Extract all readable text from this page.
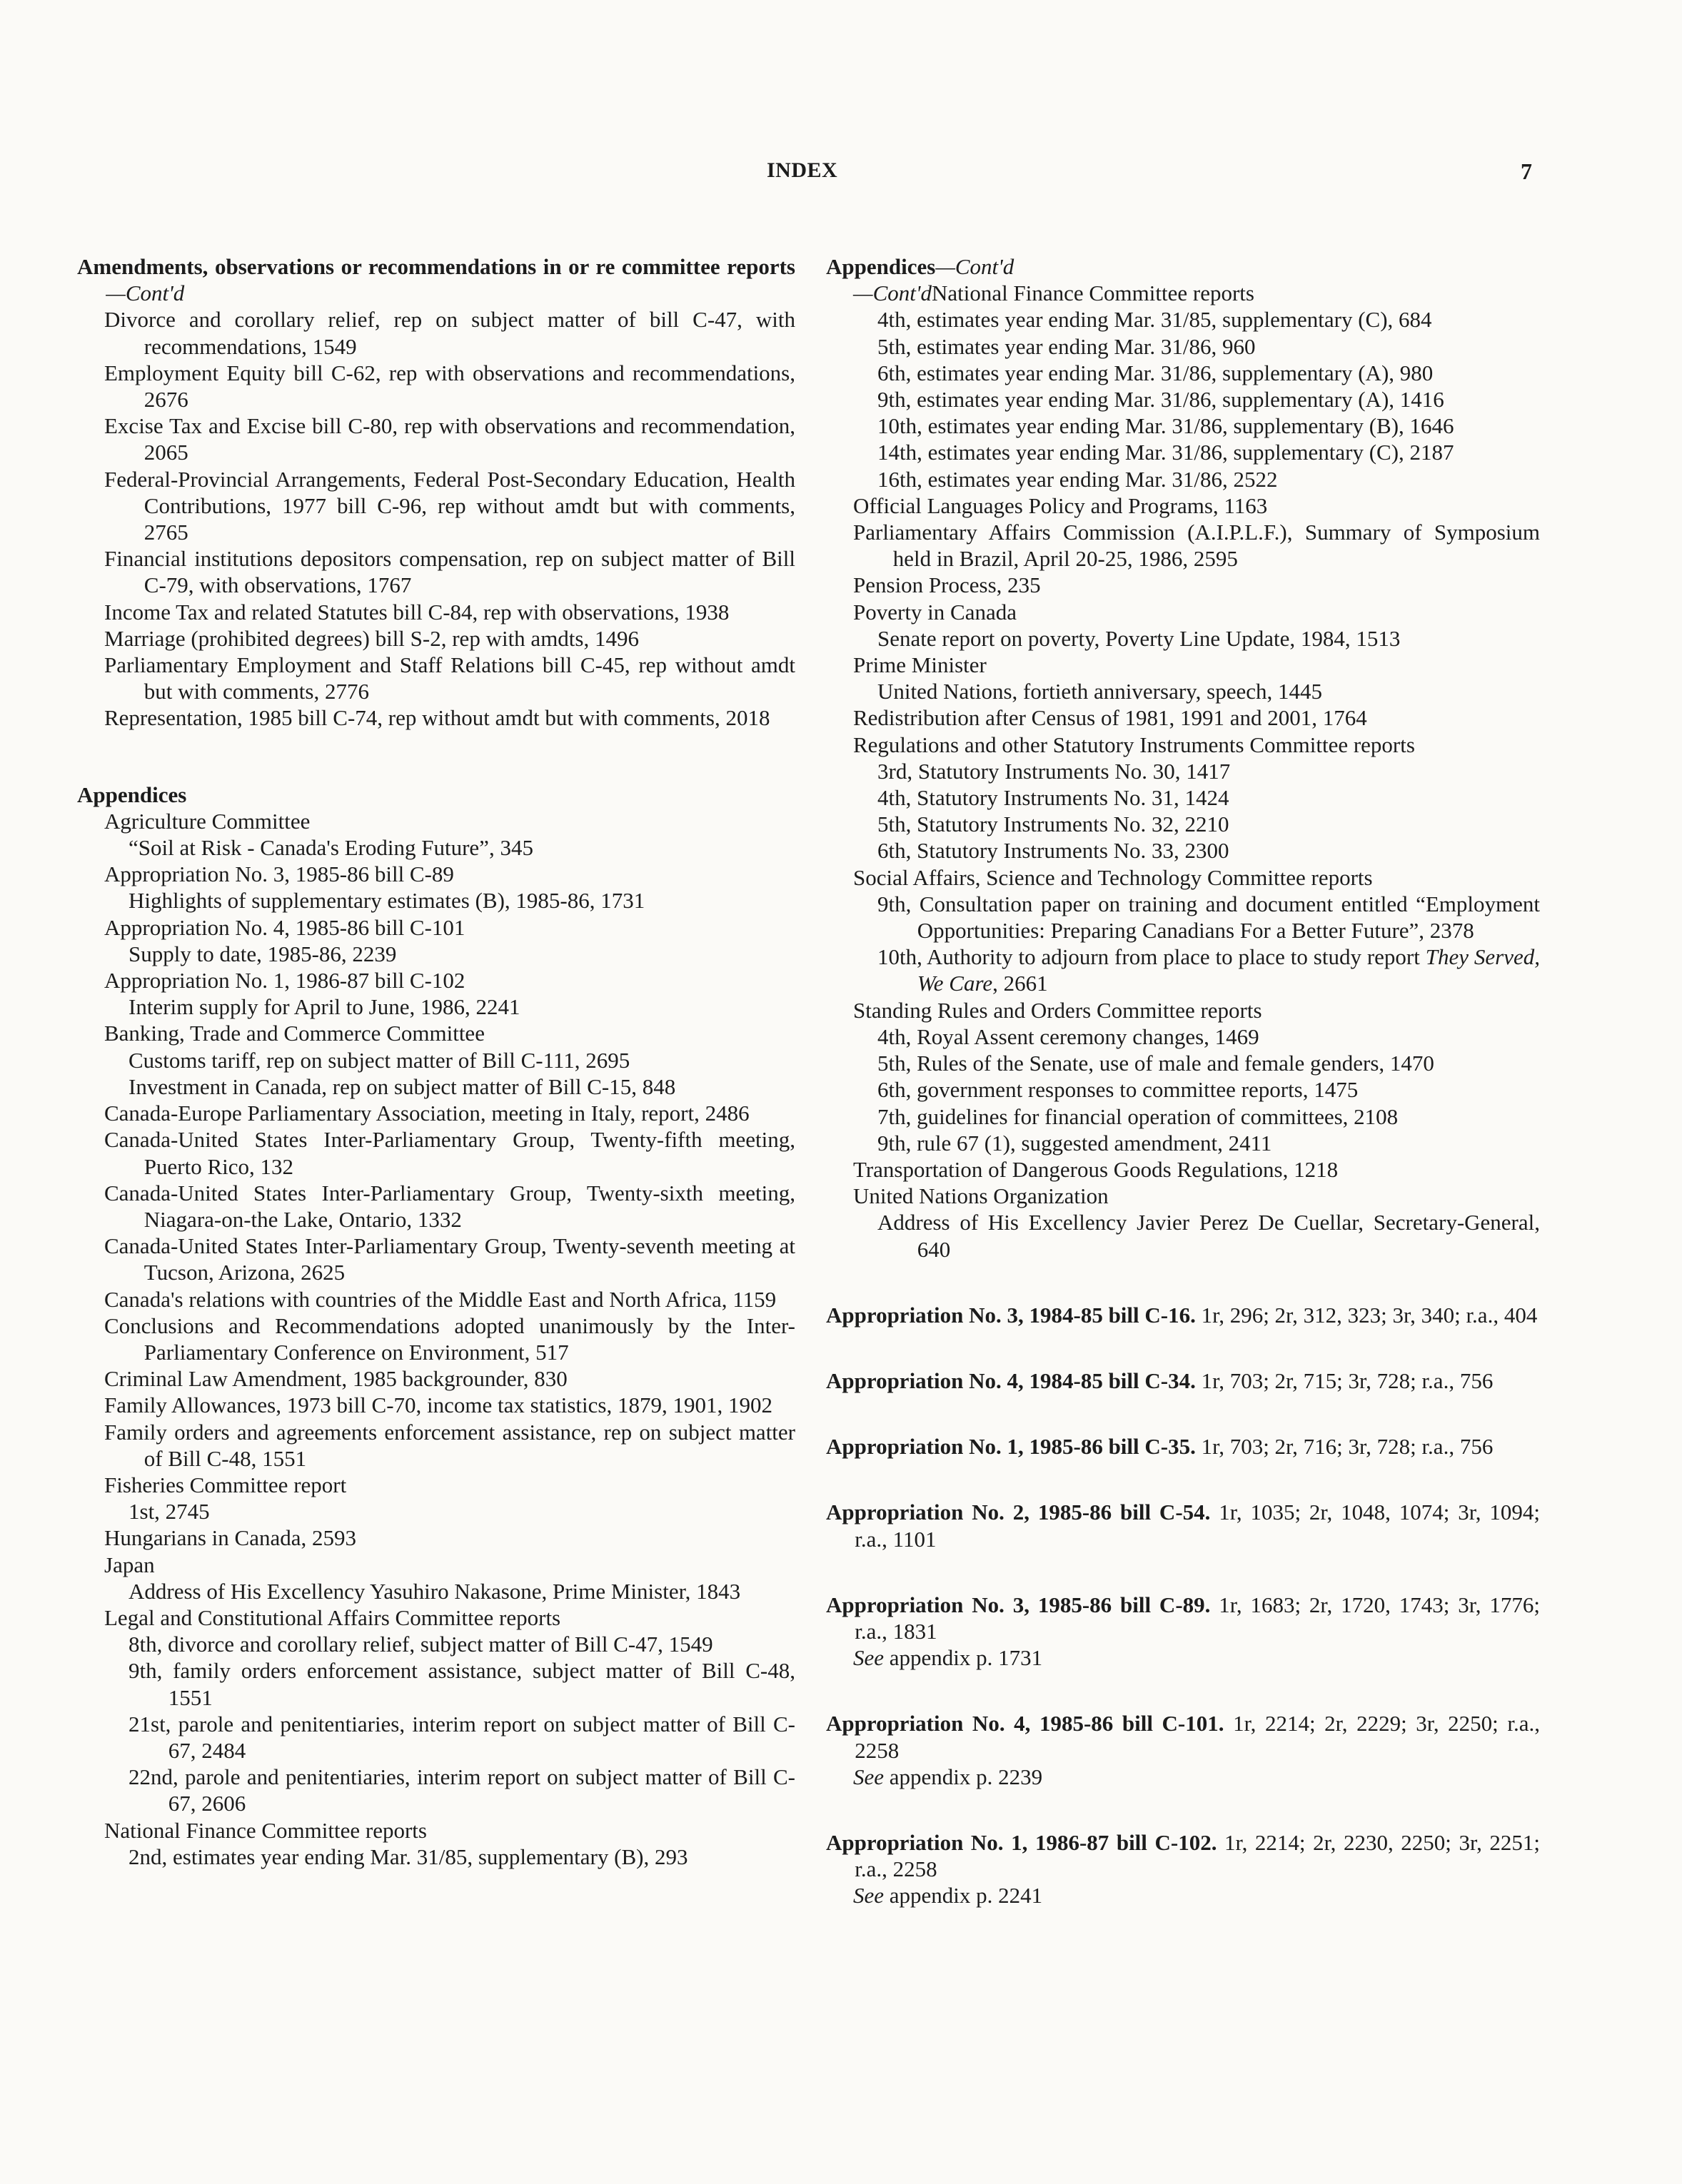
INDEX	7

Amendments, observations or recommendations in or re committee reports—Cont'd

Divorce and corollary relief, rep on subject matter of bill C-47, with recommendations, 1549

Employment Equity bill C-62, rep with observations and recommendations, 2676

Excise Tax and Excise bill C-80, rep with observations and recommendation, 2065

Federal-Provincial Arrangements, Federal Post-Secondary Education, Health Contributions, 1977 bill C-96, rep without amdt but with comments, 2765

Financial institutions depositors compensation, rep on subject matter of Bill C-79, with observations, 1767

Income Tax and related Statutes bill C-84, rep with observations, 1938

Marriage (prohibited degrees) bill S-2, rep with amdts, 1496

Parliamentary Employment and Staff Relations bill C-45, rep without amdt but with comments, 2776

Representation, 1985 bill C-74, rep without amdt but with comments, 2018

Appendices

Agriculture Committee

“Soil at Risk - Canada's Eroding Future”, 345

Appropriation No. 3, 1985-86 bill C-89

Highlights of supplementary estimates (B), 1985-86, 1731

Appropriation No. 4, 1985-86 bill C-101

Supply to date, 1985-86, 2239

Appropriation No. 1, 1986-87 bill C-102

Interim supply for April to June, 1986, 2241

Banking, Trade and Commerce Committee

Customs tariff, rep on subject matter of Bill C-111, 2695

Investment in Canada, rep on subject matter of Bill C-15, 848

Canada-Europe Parliamentary Association, meeting in Italy, report, 2486

Canada-United States Inter-Parliamentary Group, Twenty-fifth meeting, Puerto Rico, 132

Canada-United States Inter-Parliamentary Group, Twenty-sixth meeting, Niagara-on-the Lake, Ontario, 1332

Canada-United States Inter-Parliamentary Group, Twenty-seventh meeting at Tucson, Arizona, 2625

Canada's relations with countries of the Middle East and North Africa, 1159

Conclusions and Recommendations adopted unanimously by the Inter-Parliamentary Conference on Environment, 517

Criminal Law Amendment, 1985 backgrounder, 830

Family Allowances, 1973 bill C-70, income tax statistics, 1879, 1901, 1902

Family orders and agreements enforcement assistance, rep on subject matter of Bill C-48, 1551

Fisheries Committee report

1st, 2745

Hungarians in Canada, 2593

Japan

Address of His Excellency Yasuhiro Nakasone, Prime Minister, 1843

Legal and Constitutional Affairs Committee reports

8th, divorce and corollary relief, subject matter of Bill C-47, 1549

9th, family orders enforcement assistance, subject matter of Bill C-48, 1551

21st, parole and penitentiaries, interim report on subject matter of Bill C-67, 2484

22nd, parole and penitentiaries, interim report on subject matter of Bill C-67, 2606

National Finance Committee reports

2nd, estimates year ending Mar. 31/85, supplementary (B), 293

Appendices—Cont'd

—Cont'dNational Finance Committee reports

4th, estimates year ending Mar. 31/85, supplementary (C), 684

5th, estimates year ending Mar. 31/86, 960

6th, estimates year ending Mar. 31/86, supplementary (A), 980

9th, estimates year ending Mar. 31/86, supplementary (A), 1416

10th, estimates year ending Mar. 31/86, supplementary (B), 1646

14th, estimates year ending Mar. 31/86, supplementary (C), 2187

16th, estimates year ending Mar. 31/86, 2522

Official Languages Policy and Programs, 1163

Parliamentary Affairs Commission (A.I.P.L.F.), Summary of Symposium held in Brazil, April 20-25, 1986, 2595

Pension Process, 235

Poverty in Canada

Senate report on poverty, Poverty Line Update, 1984, 1513

Prime Minister

United Nations, fortieth anniversary, speech, 1445

Redistribution after Census of 1981, 1991 and 2001, 1764

Regulations and other Statutory Instruments Committee reports

3rd, Statutory Instruments No. 30, 1417

4th, Statutory Instruments No. 31, 1424

5th, Statutory Instruments No. 32, 2210

6th, Statutory Instruments No. 33, 2300

Social Affairs, Science and Technology Committee reports

9th, Consultation paper on training and document entitled “Employment Opportunities: Preparing Canadians For a Better Future”, 2378

10th, Authority to adjourn from place to place to study report They Served, We Care, 2661

Standing Rules and Orders Committee reports

4th, Royal Assent ceremony changes, 1469

5th, Rules of the Senate, use of male and female genders, 1470

6th, government responses to committee reports, 1475

7th, guidelines for financial operation of committees, 2108

9th, rule 67 (1), suggested amendment, 2411

Transportation of Dangerous Goods Regulations, 1218

United Nations Organization

Address of His Excellency Javier Perez De Cuellar, Secretary-General, 640

Appropriation No. 3, 1984-85 bill C-16. 1r, 296; 2r, 312, 323; 3r, 340; r.a., 404

Appropriation No. 4, 1984-85 bill C-34. 1r, 703; 2r, 715; 3r, 728; r.a., 756

Appropriation No. 1, 1985-86 bill C-35. 1r, 703; 2r, 716; 3r, 728; r.a., 756

Appropriation No. 2, 1985-86 bill C-54. 1r, 1035; 2r, 1048, 1074; 3r, 1094; r.a., 1101

Appropriation No. 3, 1985-86 bill C-89. 1r, 1683; 2r, 1720, 1743; 3r, 1776; r.a., 1831

See appendix p. 1731

Appropriation No. 4, 1985-86 bill C-101. 1r, 2214; 2r, 2229; 3r, 2250; r.a., 2258

See appendix p. 2239

Appropriation No. 1, 1986-87 bill C-102. 1r, 2214; 2r, 2230, 2250; 3r, 2251; r.a., 2258

See appendix p. 2241
